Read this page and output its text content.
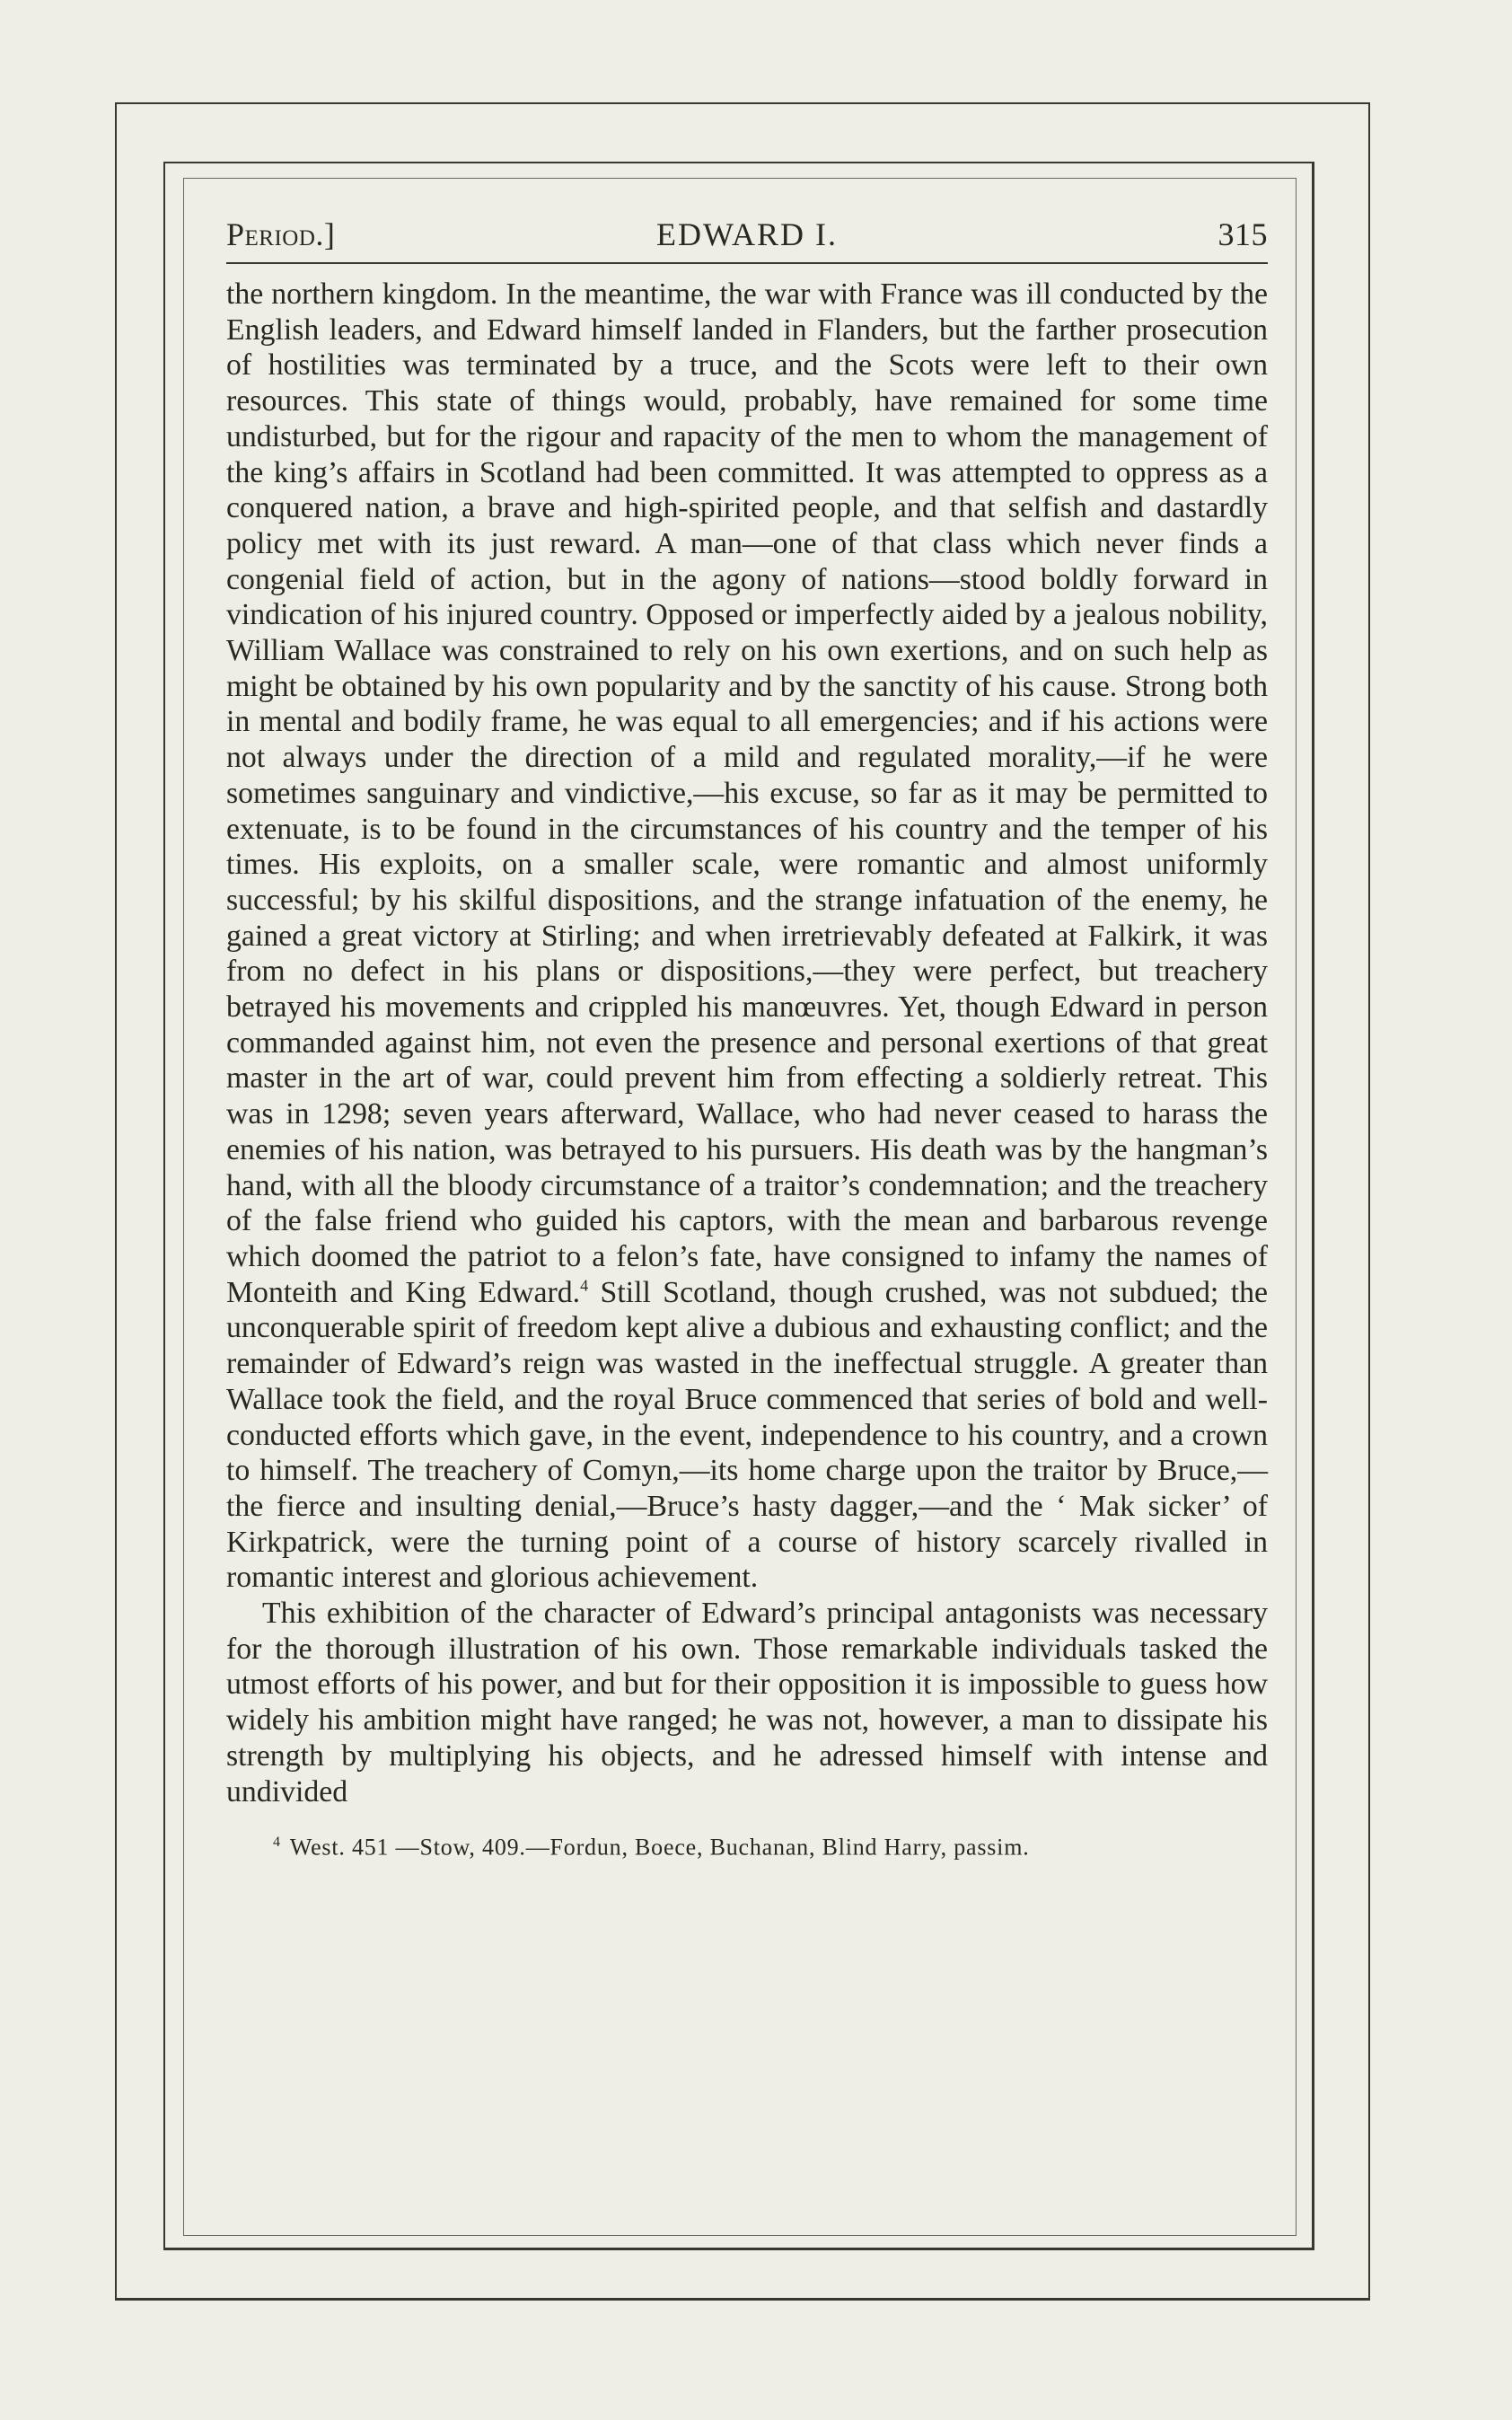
Period.]	EDWARD I.	315

the northern kingdom. In the meantime, the war with France was ill conducted by the English leaders, and Edward himself landed in Flanders, but the farther prosecution of hostilities was terminated by a truce, and the Scots were left to their own resources. This state of things would, probably, have remained for some time undisturbed, but for the rigour and rapacity of the men to whom the management of the king’s affairs in Scotland had been committed. It was attempted to oppress as a conquered nation, a brave and high-spirited people, and that selfish and dastardly policy met with its just reward. A man—one of that class which never finds a congenial field of action, but in the agony of nations—stood boldly forward in vindication of his injured country. Opposed or imperfectly aided by a jealous nobility, William Wallace was constrained to rely on his own exertions, and on such help as might be obtained by his own popularity and by the sanctity of his cause. Strong both in mental and bodily frame, he was equal to all emergencies; and if his actions were not always under the direction of a mild and regulated morality,—if he were sometimes sanguinary and vindictive,—his excuse, so far as it may be permitted to extenuate, is to be found in the circumstances of his country and the temper of his times. His exploits, on a smaller scale, were romantic and almost uniformly successful; by his skilful dispositions, and the strange infatuation of the enemy, he gained a great victory at Stirling; and when irretrievably defeated at Falkirk, it was from no defect in his plans or dispositions,—they were perfect, but treachery betrayed his movements and crippled his manœuvres. Yet, though Edward in person commanded against him, not even the presence and personal exertions of that great master in the art of war, could prevent him from effecting a soldierly retreat. This was in 1298; seven years afterward, Wallace, who had never ceased to harass the enemies of his nation, was betrayed to his pursuers. His death was by the hangman’s hand, with all the bloody circumstance of a traitor’s condemnation; and the treachery of the false friend who guided his captors, with the mean and barbarous revenge which doomed the patriot to a felon’s fate, have consigned to infamy the names of Monteith and King Edward.$^4$ Still Scotland, though crushed, was not subdued; the unconquerable spirit of freedom kept alive a dubious and exhausting conflict; and the remainder of Edward’s reign was wasted in the ineffectual struggle. A greater than Wallace took the field, and the royal Bruce commenced that series of bold and well-conducted efforts which gave, in the event, independence to his country, and a crown to himself. The treachery of Comyn,—its home charge upon the traitor by Bruce,—the fierce and insulting denial,—Bruce’s hasty dagger,—and the ‘ Mak sicker’ of Kirkpatrick, were the turning point of a course of history scarcely rivalled in romantic interest and glorious achievement.

This exhibition of the character of Edward’s principal antagonists was necessary for the thorough illustration of his own. Those remarkable individuals tasked the utmost efforts of his power, and but for their opposition it is impossible to guess how widely his ambition might have ranged; he was not, however, a man to dissipate his strength by multiplying his objects, and he adressed himself with intense and undivided

$^4$ West. 451 —Stow, 409.—Fordun, Boece, Buchanan, Blind Harry, passim.
